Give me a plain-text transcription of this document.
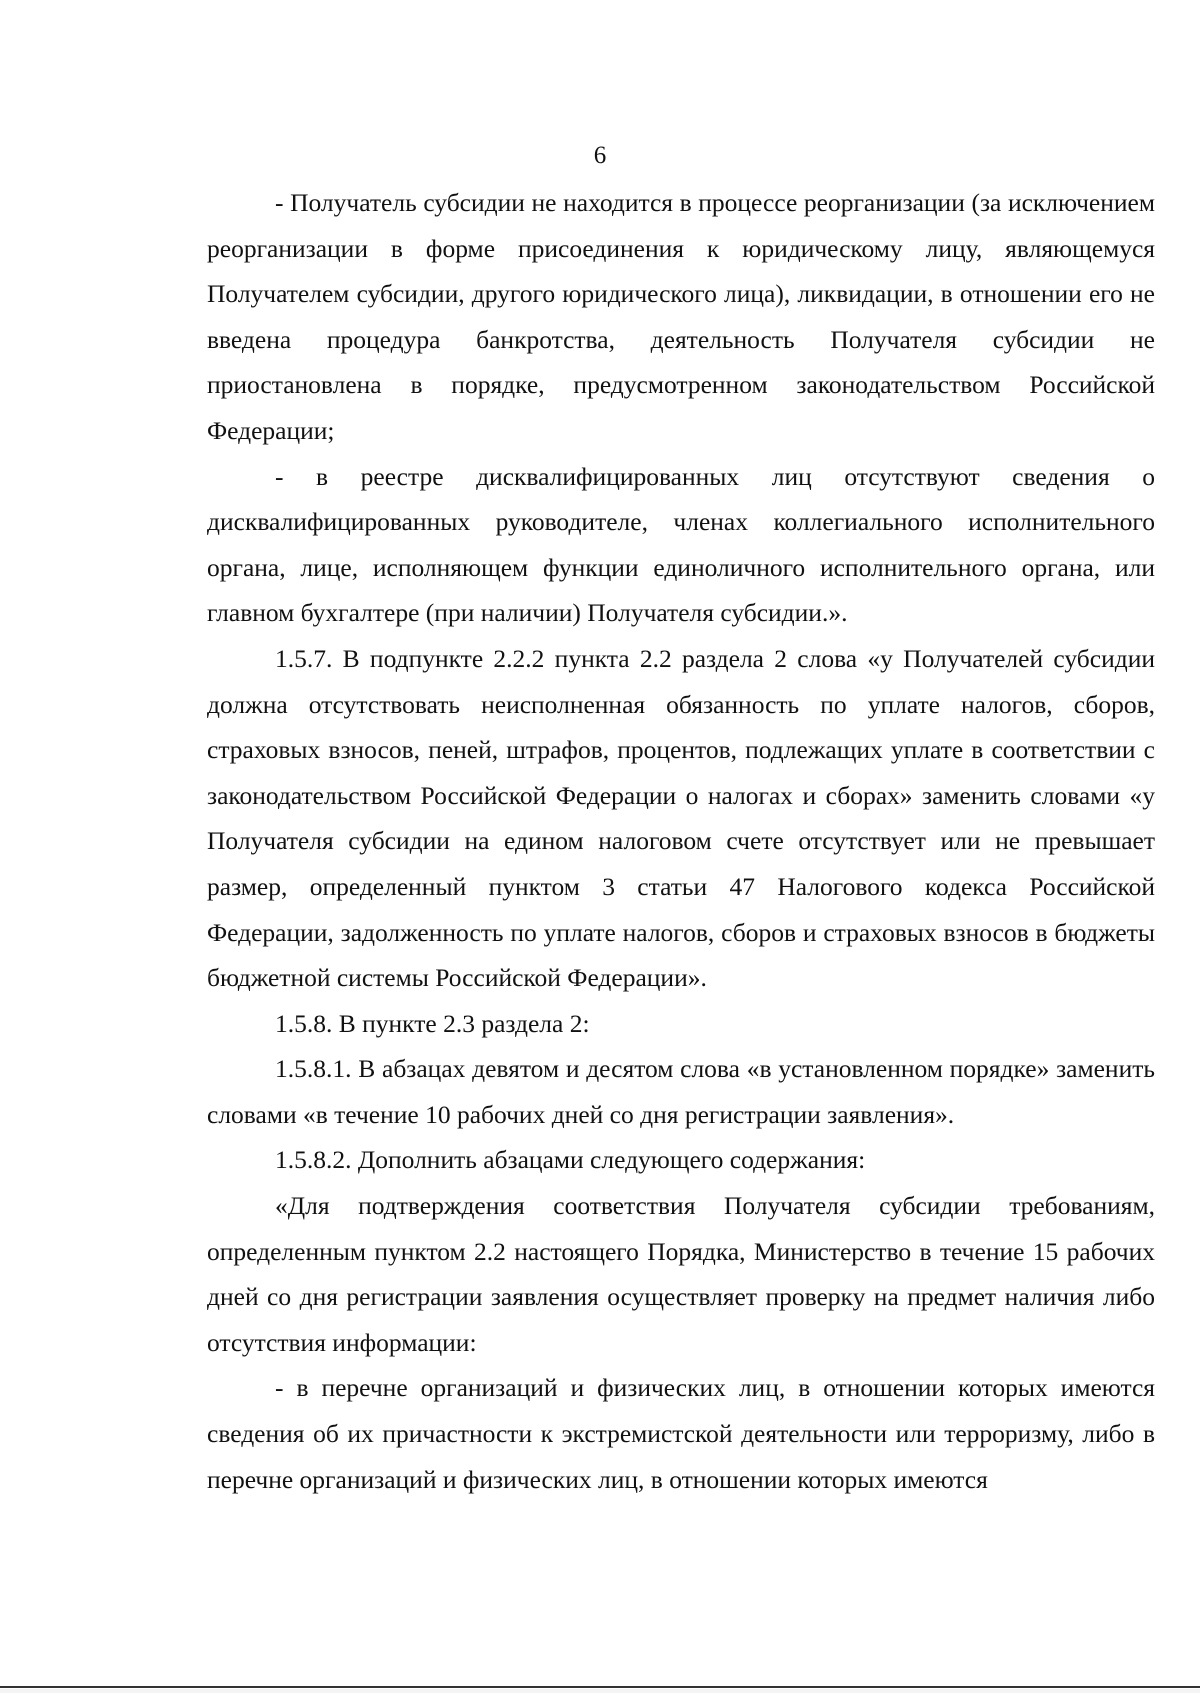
6

- Получатель субсидии не находится в процессе реорганизации (за исключением реорганизации в форме присоединения к юридическому лицу, являющемуся Получателем субсидии, другого юридического лица), ликвидации, в отношении его не введена процедура банкротства, деятельность Получателя субсидии не приостановлена в порядке, предусмотренном законодательством Российской Федерации;

- в реестре дисквалифицированных лиц отсутствуют сведения о дисквалифицированных руководителе, членах коллегиального исполнительного органа, лице, исполняющем функции единоличного исполнительного органа, или главном бухгалтере (при наличии) Получателя субсидии.».

1.5.7. В подпункте 2.2.2 пункта 2.2 раздела 2 слова «у Получателей субсидии должна отсутствовать неисполненная обязанность по уплате налогов, сборов, страховых взносов, пеней, штрафов, процентов, подлежащих уплате в соответствии с законодательством Российской Федерации о налогах и сборах» заменить словами «у Получателя субсидии на едином налоговом счете отсутствует или не превышает размер, определенный пунктом 3 статьи 47 Налогового кодекса Российской Федерации, задолженность по уплате налогов, сборов и страховых взносов в бюджеты бюджетной системы Российской Федерации».

1.5.8. В пункте 2.3 раздела 2:

1.5.8.1. В абзацах девятом и десятом слова «в установленном порядке» заменить словами «в течение 10 рабочих дней со дня регистрации заявления».

1.5.8.2. Дополнить абзацами следующего содержания:

«Для подтверждения соответствия Получателя субсидии требованиям, определенным пунктом 2.2 настоящего Порядка, Министерство в течение 15 рабочих дней со дня регистрации заявления осуществляет проверку на предмет наличия либо отсутствия информации:

- в перечне организаций и физических лиц, в отношении которых имеются сведения об их причастности к экстремистской деятельности или терроризму, либо в перечне организаций и физических лиц, в отношении которых имеются
